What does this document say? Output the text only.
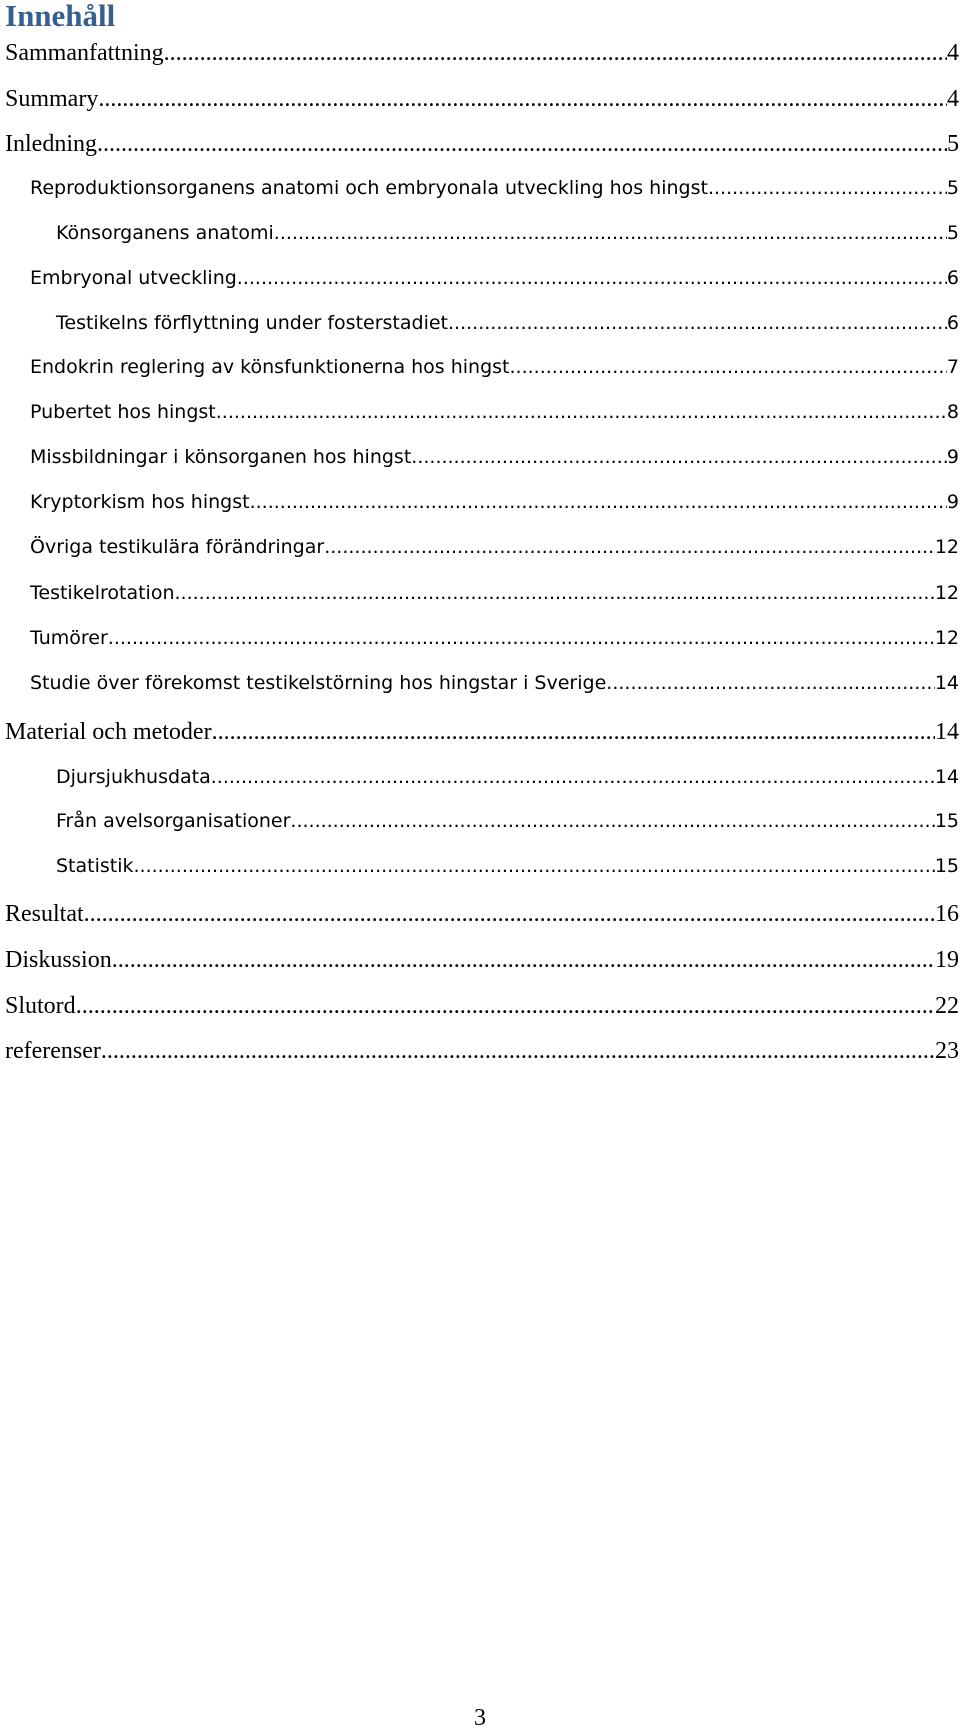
Innehåll
Sammanfattning .....	4
Summary .....	4
Inledning .....	5
Reproduktionsorganens anatomi och embryonala utveckling hos hingst .....	5
Könsorganens anatomi .....	5
Embryonal utveckling .....	6
Testikelns förflyttning under fosterstadiet .....	6
Endokrin reglering av könsfunktionerna hos hingst .....	7
Pubertet hos hingst. .....	8
Missbildningar i könsorganen hos hingst .....	9
Kryptorkism hos hingst .....	9
Övriga testikulära förändringar .....	12
Testikelrotation .....	12
Tumörer .....	12
Studie över förekomst testikelstörning hos hingstar i Sverige .....	14
Material och metoder .....	14
Djursjukhusdata .....	14
Från avelsorganisationer .....	15
Statistik .....	15
Resultat .....	16
Diskussion .....	19
Slutord .....	22
referenser .....	23
3
